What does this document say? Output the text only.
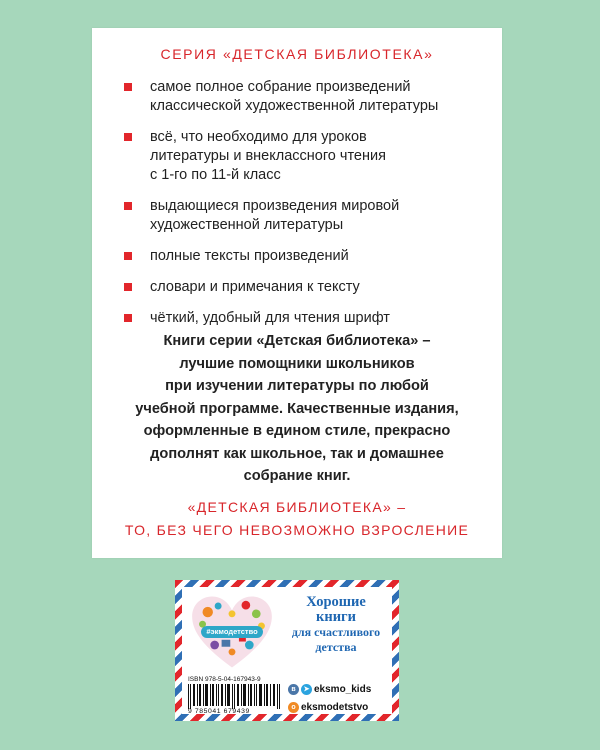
СЕРИЯ «ДЕТСКАЯ БИБЛИОТЕКА»
самое полное собрание произведений
классической художественной литературы
всё, что необходимо для уроков
литературы и внеклассного чтения
с 1-го по 11-й класс
выдающиеся произведения мировой
художественной литературы
полные тексты произведений
словари и примечания к тексту
чёткий, удобный для чтения шрифт
Книги серии «Детская библиотека» –
лучшие помощники школьников
при изучении литературы по любой
учебной программе. Качественные издания,
оформленные в едином стиле, прекрасно
дополнят как школьное, так и домашнее
собрание книг.
«ДЕТСКАЯ БИБЛИОТЕКА» –
ТО, БЕЗ ЧЕГО НЕВОЗМОЖНО ВЗРОСЛЕНИЕ
#экмодетство
Хорошие
книги
для счастливого
детства
ISBN 978-5-04-167943-9
9 785041 679439
в	➤ eksmo_kids
о eksmodetstvo
